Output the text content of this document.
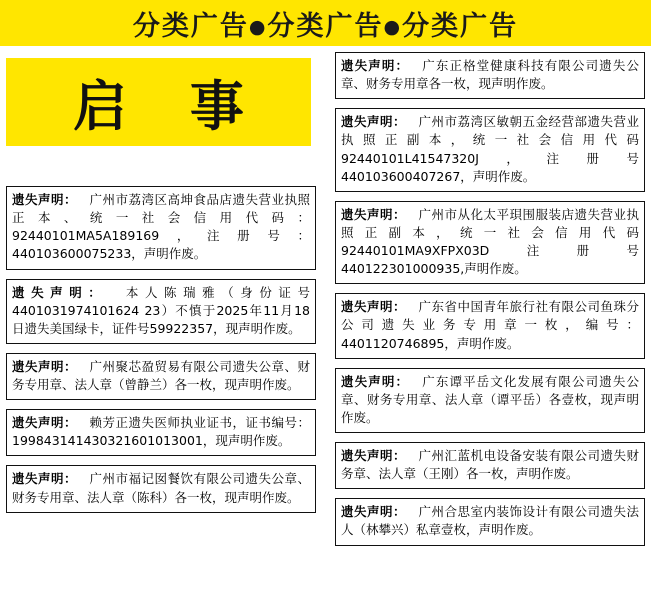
分类广告●分类广告●分类广告
启 事
遗失声明： 广州市荔湾区高坤食品店遗失营业执照正本、统一社会信用代码：92440101MA5A189169，注册号：440103600075233，声明作废。
遗失声明： 本人陈瑞雅（身份证号4401031974101624 23）不慎于2025年11月18日遗失美国绿卡，证件号59922357，现声明作废。
遗失声明： 广州聚芯盈贸易有限公司遗失公章、财务专用章、法人章（曾静兰）各一枚，现声明作废。
遗失声明： 赖芳正遗失医师执业证书，证书编号：199843141430321601013001，现声明作废。
遗失声明： 广州市福记囡餐饮有限公司遗失公章、财务专用章、法人章（陈科）各一枚，现声明作废。
遗失声明： 广东正格堂健康科技有限公司遗失公章、财务专用章各一枚，现声明作废。
遗失声明： 广州市荔湾区敏朝五金经营部遗失营业执照正副本，统一社会信用代码92440101L41547320J，注册号440103600407267，声明作废。
遗失声明： 广州市从化太平珼围服装店遗失营业执照正副本，统一社会信用代码92440101MA9XFPX03D注册号440122301000935,声明作废。
遗失声明： 广东省中国青年旅行社有限公司鱼珠分公司遗失业务专用章一枚，编号：4401120746895，声明作废。
遗失声明： 广东谭平岳文化发展有限公司遗失公章、财务专用章、法人章（谭平岳）各壹枚，现声明作废。
遗失声明： 广州汇蓝机电设备安装有限公司遗失财务章、法人章（王刚）各一枚，声明作废。
遗失声明： 广州合思室内装饰设计有限公司遗失法人（林攀兴）私章壹枚，声明作废。
